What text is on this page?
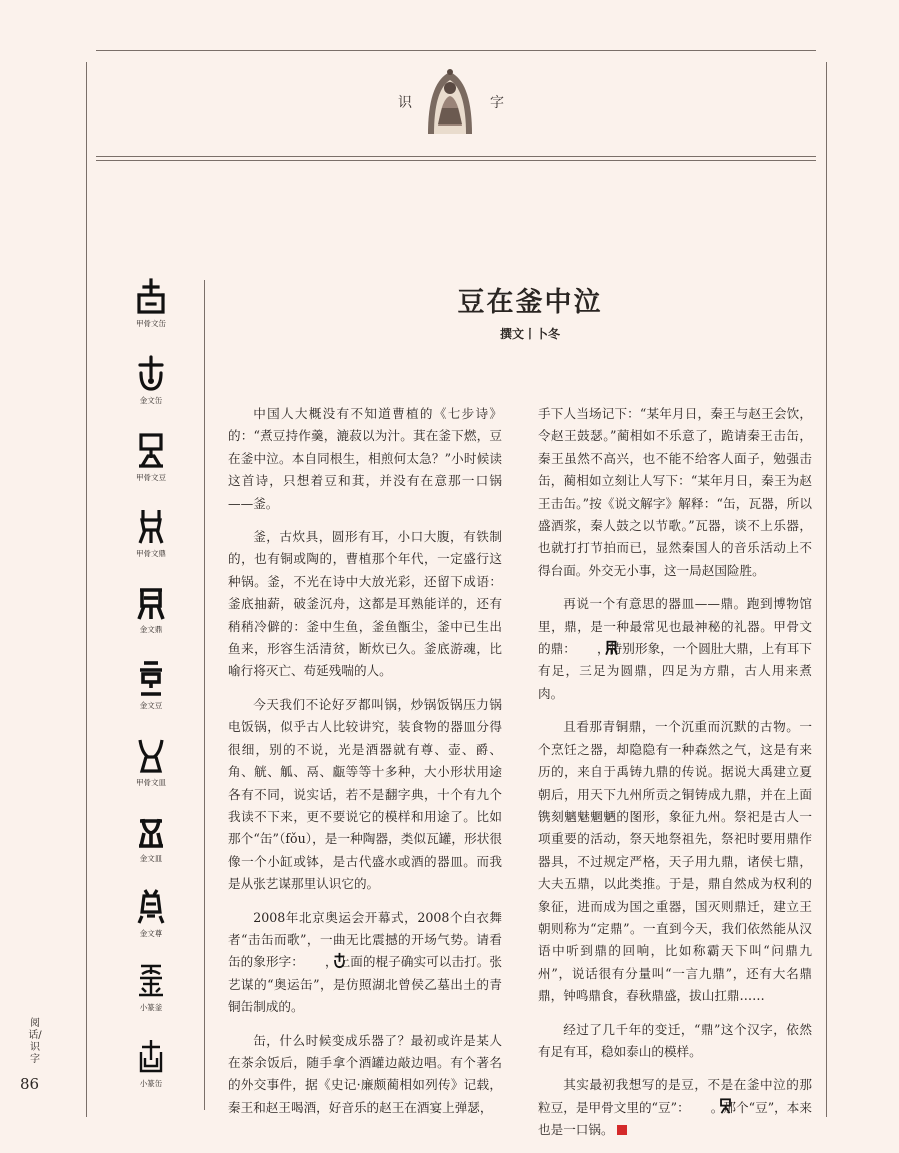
识	字
豆在釜中泣
撰文丨卜冬
甲骨文缶
金文缶
甲骨文豆
甲骨文鼎
金文鼎
金文豆
甲骨文皿
金文皿
金文尊
小篆釜
小篆缶

中国人大概没有不知道曹植的《七步诗》的：“煮豆持作羹，漉菽以为汁。萁在釜下燃，豆在釜中泣。本自同根生，相煎何太急？”小时候读这首诗，只想着豆和萁，并没有在意那一口锅——釜。

釜，古炊具，圆形有耳，小口大腹，有铁制的，也有铜或陶的，曹植那个年代，一定盛行这种锅。釜，不光在诗中大放光彩，还留下成语：釜底抽薪，破釜沉舟，这都是耳熟能详的，还有稍稍冷僻的：釜中生鱼，釜鱼甑尘，釜中已生出鱼来，形容生活清贫，断炊已久。釜底游魂，比喻行将灭亡、苟延残喘的人。

今天我们不论好歹都叫锅，炒锅饭锅压力锅电饭锅，似乎古人比较讲究，装食物的器皿分得很细，别的不说，光是酒器就有尊、壶、爵、角、觥、觚、鬲、甗等等十多种，大小形状用途各有不同，说实话，若不是翻字典，十个有九个我读不下来，更不要说它的模样和用途了。比如那个“缶”（fǒu），是一种陶器，类似瓦罐，形状很像一个小缸或钵，是古代盛水或酒的器皿。而我是从张艺谋那里认识它的。

2008年北京奥运会开幕式，2008个白衣舞者“击缶而歌”，一曲无比震撼的开场气势。请看缶的象形字： ，上面的棍子确实可以击打。张艺谋的“奥运缶”，是仿照湖北曾侯乙墓出土的青铜缶制成的。

缶，什么时候变成乐器了？最初或许是某人在茶余饭后，随手拿个酒罐边敲边唱。有个著名的外交事件，据《史记·廉颇蔺相如列传》记载，秦王和赵王喝酒，好音乐的赵王在酒宴上弹瑟，

手下人当场记下：“某年月日，秦王与赵王会饮，令赵王鼓瑟。”蔺相如不乐意了，跪请秦王击缶，秦王虽然不高兴，也不能不给客人面子，勉强击缶，蔺相如立刻让人写下：“某年月日，秦王为赵王击缶。”按《说文解字》解释：“缶，瓦器，所以盛酒浆，秦人鼓之以节歌。”瓦器，谈不上乐器，也就打打节拍而已，显然秦国人的音乐活动上不得台面。外交无小事，这一局赵国险胜。

再说一个有意思的器皿——鼎。跑到博物馆里，鼎，是一种最常见也最神秘的礼器。甲骨文的鼎： ，特别形象，一个圆肚大鼎，上有耳下有足，三足为圆鼎，四足为方鼎，古人用来煮肉。

且看那青铜鼎，一个沉重而沉默的古物。一个烹饪之器，却隐隐有一种森然之气，这是有来历的，来自于禹铸九鼎的传说。据说大禹建立夏朝后，用天下九州所贡之铜铸成九鼎，并在上面镌刻魑魅魍魉的图形，象征九州。祭祀是古人一项重要的活动，祭天地祭祖先，祭祀时要用鼎作器具，不过规定严格，天子用九鼎，诸侯七鼎，大夫五鼎，以此类推。于是，鼎自然成为权利的象征，进而成为国之重器，国灭则鼎迁，建立王朝则称为“定鼎”。一直到今天，我们依然能从汉语中听到鼎的回响，比如称霸天下叫“问鼎九州”，说话很有分量叫“一言九鼎”，还有大名鼎鼎，钟鸣鼎食，春秋鼎盛，拔山扛鼎……

经过了几千年的变迁，“鼎”这个汉字，依然有足有耳，稳如泰山的模样。

其实最初我想写的是豆，不是在釜中泣的那粒豆，是甲骨文里的“豆”： 。那个“豆”，本来也是一口锅。

阅话/识字
86
